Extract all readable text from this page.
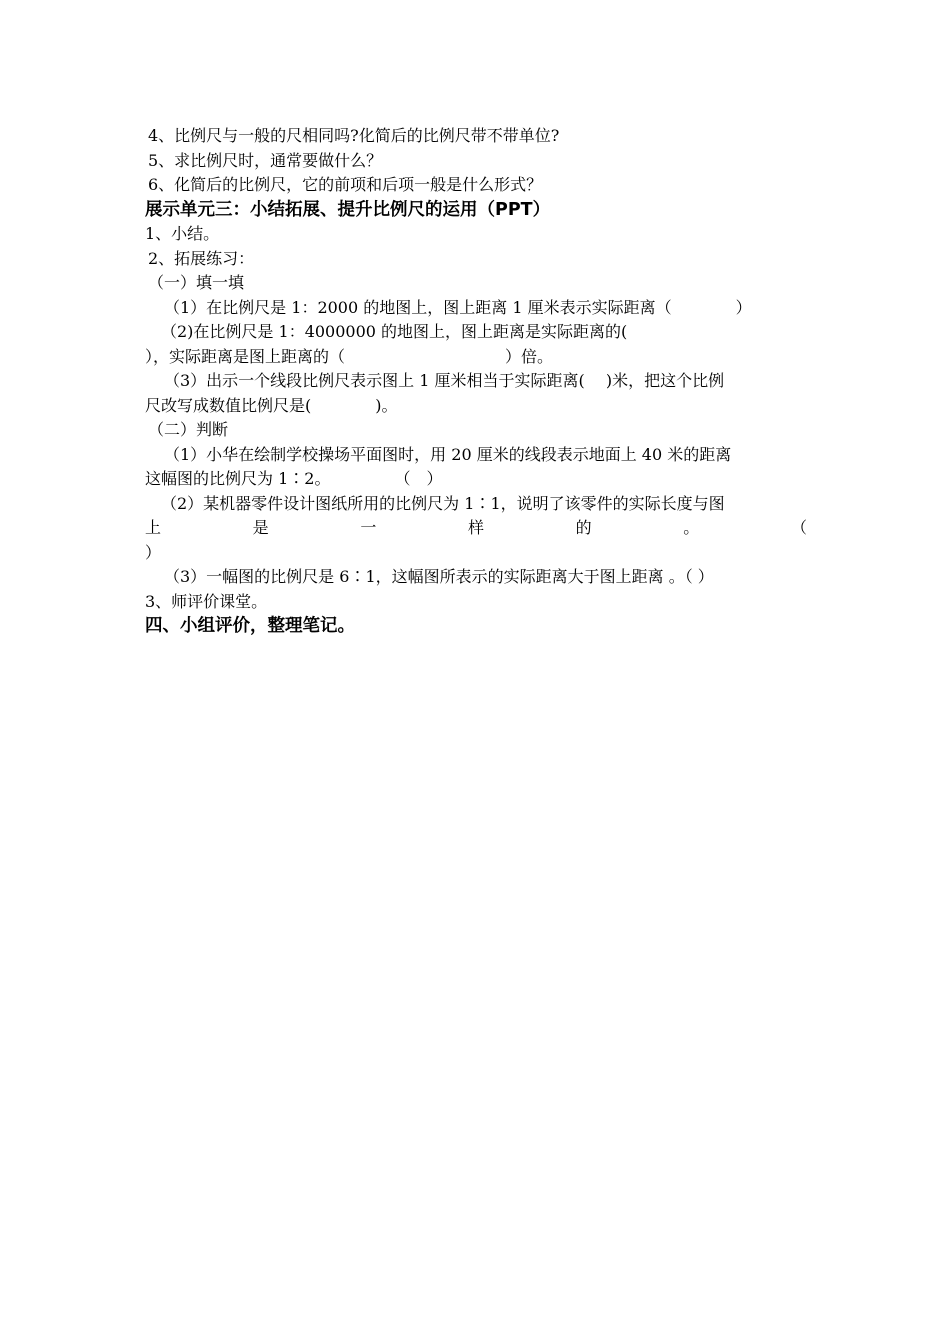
4、比例尺与一般的尺相同吗?化简后的比例尺带不带单位?
5、求比例尺时，通常要做什么？
6、化简后的比例尺，它的前项和后项一般是什么形式？
展示单元三：小结拓展、提升比例尺的运用（PPT）
1、小结。
2、拓展练习：
（一）填一填
（1）在比例尺是 1：2000 的地图上，图上距离 1 厘米表示实际距离（　　　　）
（2)在比例尺是 1：4000000 的地图上，图上距离是实际距离的(
），实际距离是图上距离的（　　　　　　　　　　）倍。
（3）出示一个线段比例尺表示图上 1 厘米相当于实际距离(　 )米，把这个比例
尺改写成数值比例尺是(　　　　)。
（二）判断
（1）小华在绘制学校操场平面图时，用 20 厘米的线段表示地面上 40 米的距离
这幅图的比例尺为 1∶2。　　　　　（　）
（2）某机器零件设计图纸所用的比例尺为 1∶1，说明了该零件的实际长度与图
上	是	一	样	的	。	（
）
（3）一幅图的比例尺是 6∶1，这幅图所表示的实际距离大于图上距离 。（ ）
3、师评价课堂。
四、小组评价，整理笔记。
